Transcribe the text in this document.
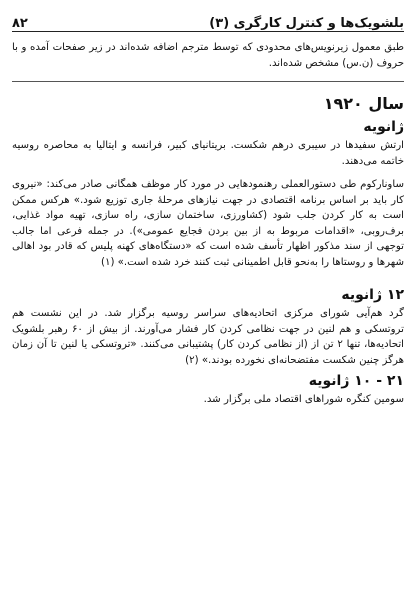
بلشویک‌ها و کنترل کارگری (۳)
۸۲

طبق معمول زیرنویس‌های محدودی که توسط مترجم اضافه شده‌اند در زیر صفحات آمده و با حروف (ن.س) مشخص شده‌اند.

سال ۱۹۲۰
ژانویه

ارتش سفیدها در سیبری درهم شکست. بریتانیای کبیر، فرانسه و ایتالیا به محاصره روسیه خاتمه می‌دهند.

ساوناركوم طی دستورالعملی رهنمودهایی در مورد کار موظف همگانی صادر می‌کند: «نیروی کار باید بر اساس برنامه اقتصادی در جهت نیازهای مرحلهٔ جاری توزیع شود.» هرکس ممکن است به کار کردن جلب شود (کشاورزی، ساختمان سازی، راه سازی، تهیه مواد غذایی، برف‌روبی، «اقدامات مربوط به از بین بردن فجایع عمومی»). در جمله فرعی اما جالب توجهی از سند مذکور اظهار تأسف شده است که «دستگاه‌های کهنه پلیس که قادر بود اهالی شهرها و روستاها را به‌نحو قابل اطمینانی ثبت کنند خرد شده است.» (۱)

۱۲ ژانویه

گرد هم‌آیی شورای مرکزی اتحادیه‌های سراسر روسیه برگزار شد. در این نشست هم تروتسکی و هم لنین در جهت نظامی کردن کار فشار می‌آورند. از بیش از ۶۰ رهبر بلشویک اتحادیه‌ها، تنها ۲ تن از (از نظامی کردن کار) پشتیبانی می‌کنند. «تروتسکی یا لنین تا آن زمان هرگز چنین شکست مفتضحانه‌ای نخورده بودند.» (۲)

۲۱ - ۱۰ ژانویه

سومین کنگره شوراهای اقتصاد ملی برگزار شد.
